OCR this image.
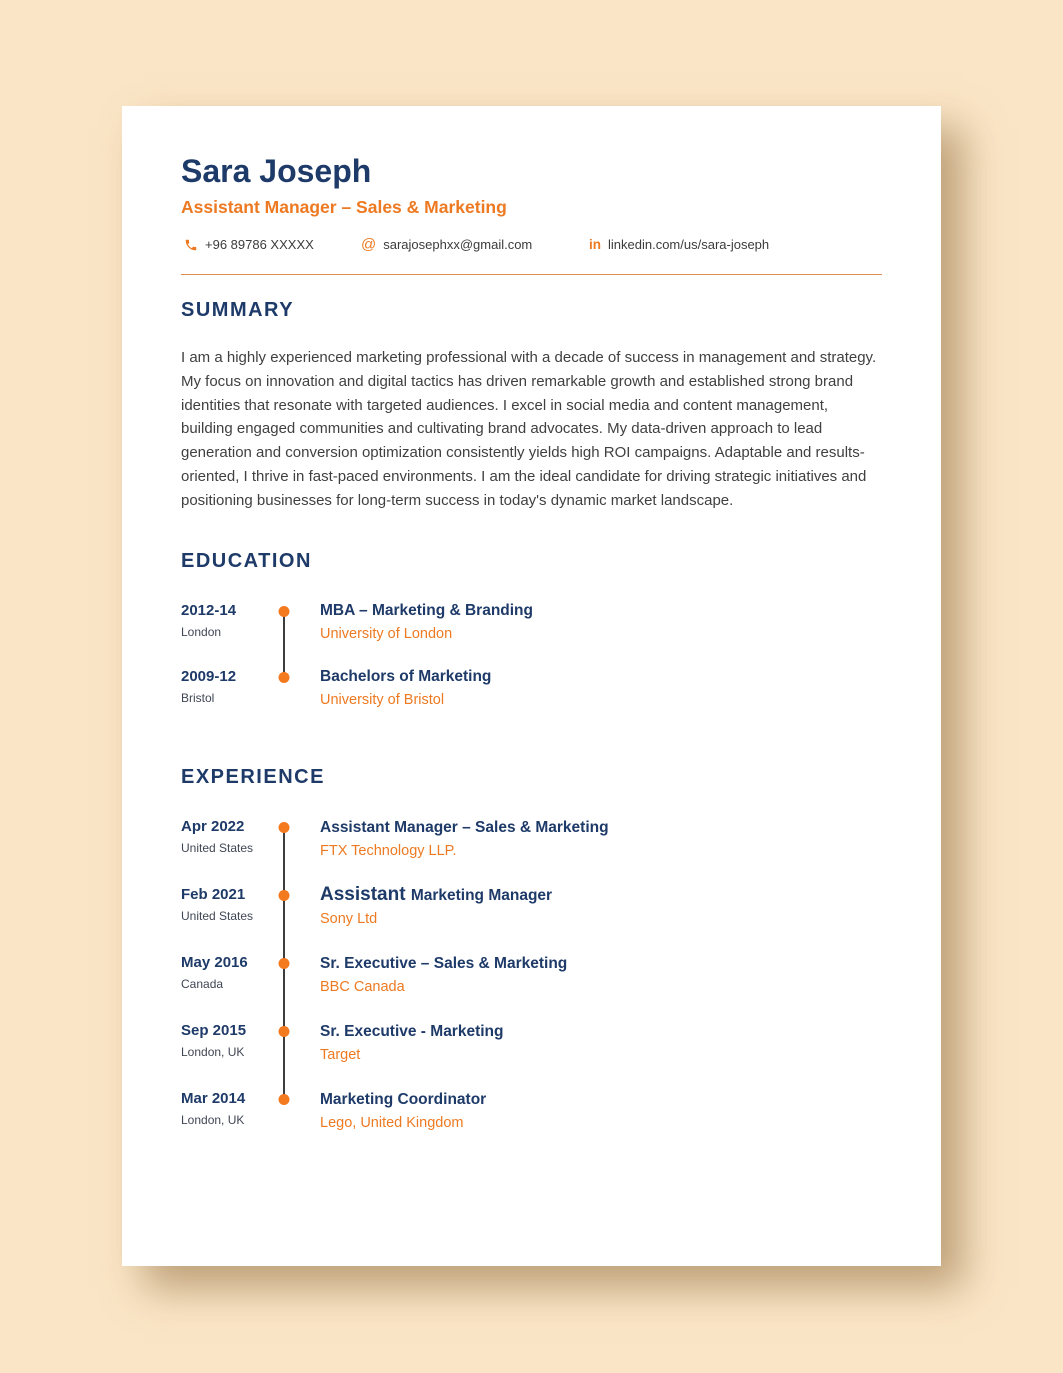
Sara Joseph
Assistant Manager – Sales & Marketing
+96 89786 XXXXX	@ sarajosephxx@gmail.com	in linkedin.com/us/sara-joseph
SUMMARY

I am a highly experienced marketing professional with a decade of success in management and strategy. My focus on innovation and digital tactics has driven remarkable growth and established strong brand identities that resonate with targeted audiences. I excel in social media and content management, building engaged communities and cultivating brand advocates. My data-driven approach to lead generation and conversion optimization consistently yields high ROI campaigns. Adaptable and results-oriented, I thrive in fast-paced environments. I am the ideal candidate for driving strategic initiatives and positioning businesses for long-term success in today's dynamic market landscape.

EDUCATION
2012-14
London
MBA – Marketing & Branding
University of London
2009-12
Bristol
Bachelors of Marketing
University of Bristol
EXPERIENCE
Apr 2022
United States
Assistant Manager – Sales & Marketing
FTX Technology LLP.
Feb 2021
United States
Assistant Marketing Manager
Sony Ltd
May 2016
Canada
Sr. Executive – Sales & Marketing
BBC Canada
Sep 2015
London, UK
Sr. Executive - Marketing
Target
Mar 2014
London, UK
Marketing Coordinator
Lego, United Kingdom
